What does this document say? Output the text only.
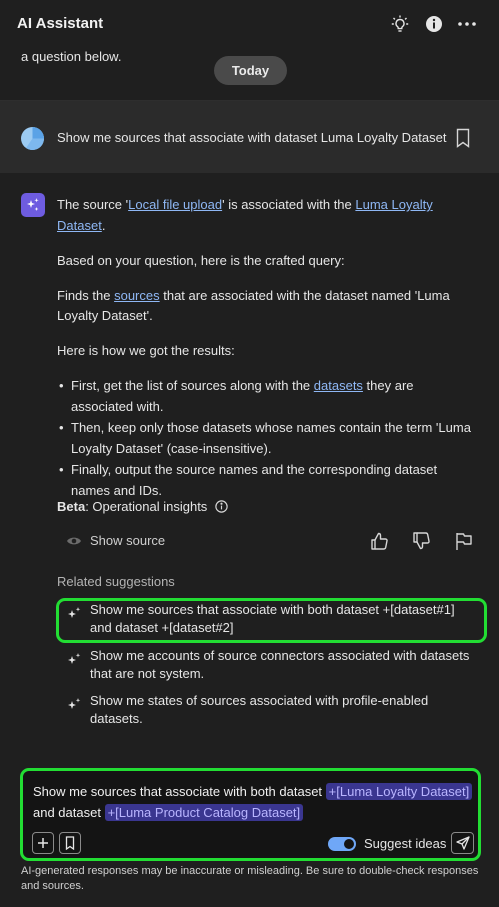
AI Assistant
a question below.
Today
Show me sources that associate with dataset Luma Loyalty Dataset

The source 'Local file upload' is associated with the Luma Loyalty Dataset.

Based on your question, here is the crafted query:

Finds the sources that are associated with the dataset named 'Luma Loyalty Dataset'.

Here is how we got the results:

• First, get the list of sources along with the datasets they are associated with.
• Then, keep only those datasets whose names contain the term 'Luma Loyalty Dataset' (case-insensitive).
• Finally, output the source names and the corresponding dataset names and IDs.
Beta : Operational insights
Show source
Related suggestions
Show me sources that associate with both dataset +[dataset#1] and dataset +[dataset#2]
Show me accounts of source connectors associated with datasets that are not system.
Show me states of sources associated with profile-enabled datasets.
Show me sources that associate with both dataset +[Luma Loyalty Dataset]
and dataset +[Luma Product Catalog Dataset]
Suggest ideas
AI-generated responses may be inaccurate or misleading. Be sure to double-check responses and sources.
